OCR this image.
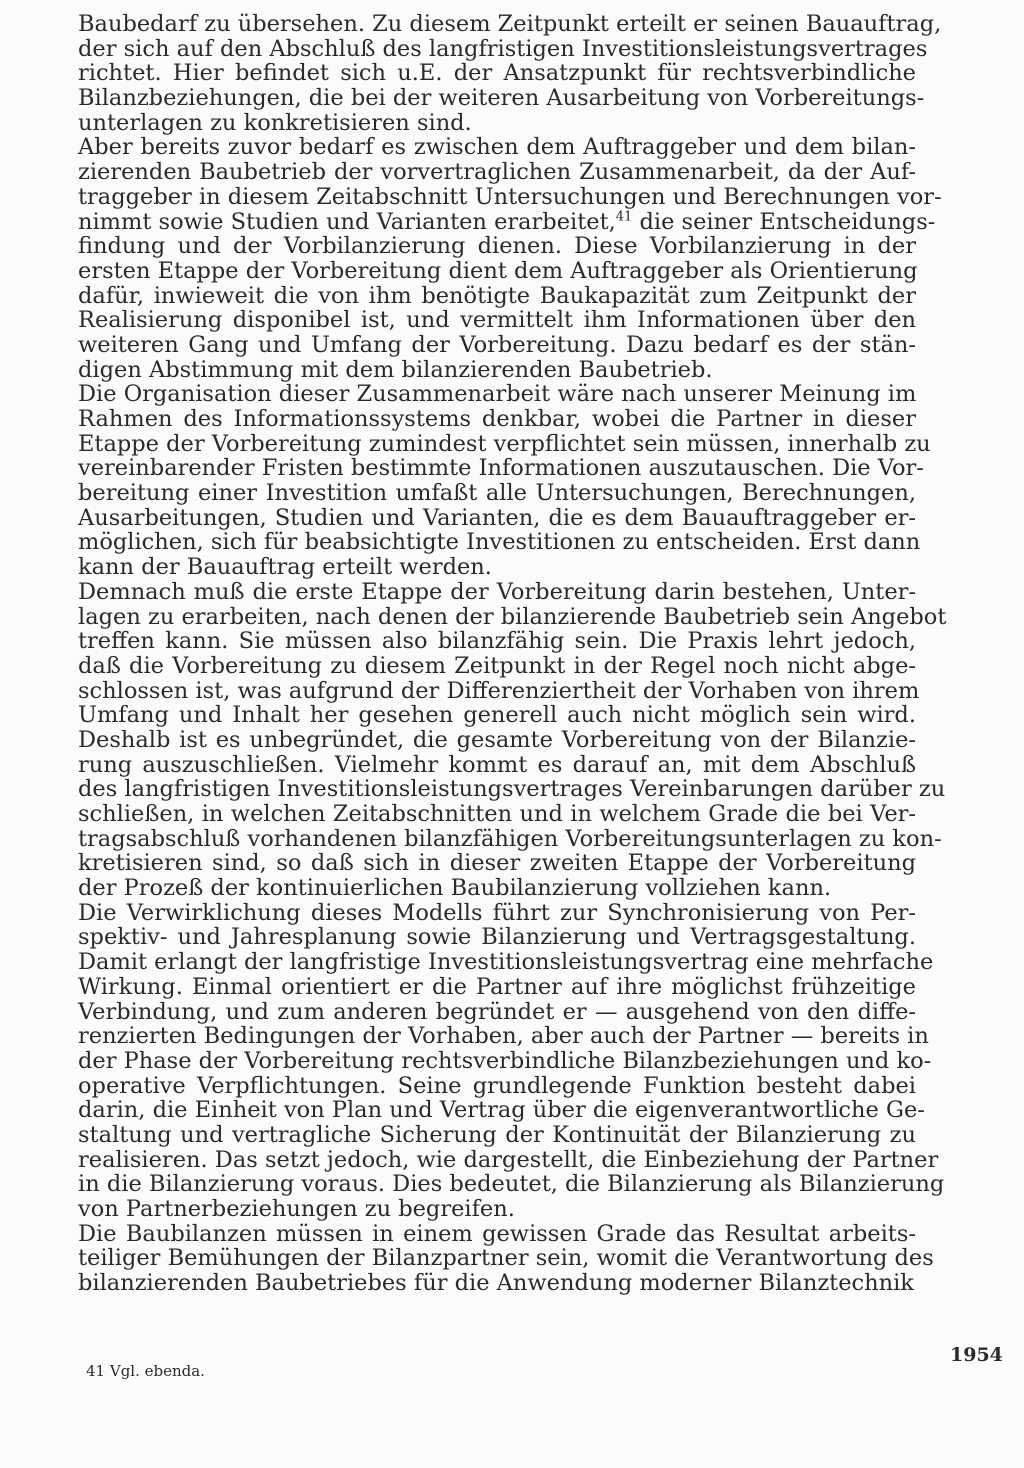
Baubedarf zu übersehen. Zu diesem Zeitpunkt erteilt er seinen Bauauftrag,
der sich auf den Abschluß des langfristigen Investitionsleistungsvertrages
richtet. Hier befindet sich u.E. der Ansatzpunkt für rechtsverbindliche
Bilanzbeziehungen, die bei der weiteren Ausarbeitung von Vorbereitungs-
unterlagen zu konkretisieren sind.
Aber bereits zuvor bedarf es zwischen dem Auftraggeber und dem bilan-
zierenden Baubetrieb der vorvertraglichen Zusammenarbeit, da der Auf-
traggeber in diesem Zeitabschnitt Untersuchungen und Berechnungen vor-
nimmt sowie Studien und Varianten erarbeitet,$^{41}$ die seiner Entscheidungs-
findung und der Vorbilanzierung dienen. Diese Vorbilanzierung in der
ersten Etappe der Vorbereitung dient dem Auftraggeber als Orientierung
dafür, inwieweit die von ihm benötigte Baukapazität zum Zeitpunkt der
Realisierung disponibel ist, und vermittelt ihm Informationen über den
weiteren Gang und Umfang der Vorbereitung. Dazu bedarf es der stän-
digen Abstimmung mit dem bilanzierenden Baubetrieb.
Die Organisation dieser Zusammenarbeit wäre nach unserer Meinung im
Rahmen des Informationssystems denkbar, wobei die Partner in dieser
Etappe der Vorbereitung zumindest verpflichtet sein müssen, innerhalb zu
vereinbarender Fristen bestimmte Informationen auszutauschen. Die Vor-
bereitung einer Investition umfaßt alle Untersuchungen, Berechnungen,
Ausarbeitungen, Studien und Varianten, die es dem Bauauftraggeber er-
möglichen, sich für beabsichtigte Investitionen zu entscheiden. Erst dann
kann der Bauauftrag erteilt werden.
Demnach muß die erste Etappe der Vorbereitung darin bestehen, Unter-
lagen zu erarbeiten, nach denen der bilanzierende Baubetrieb sein Angebot
treffen kann. Sie müssen also bilanzfähig sein. Die Praxis lehrt jedoch,
daß die Vorbereitung zu diesem Zeitpunkt in der Regel noch nicht abge-
schlossen ist, was aufgrund der Differenziertheit der Vorhaben von ihrem
Umfang und Inhalt her gesehen generell auch nicht möglich sein wird.
Deshalb ist es unbegründet, die gesamte Vorbereitung von der Bilanzie-
rung auszuschließen. Vielmehr kommt es darauf an, mit dem Abschluß
des langfristigen Investitionsleistungsvertrages Vereinbarungen darüber zu
schließen, in welchen Zeitabschnitten und in welchem Grade die bei Ver-
tragsabschluß vorhandenen bilanzfähigen Vorbereitungsunterlagen zu kon-
kretisieren sind, so daß sich in dieser zweiten Etappe der Vorbereitung
der Prozeß der kontinuierlichen Baubilanzierung vollziehen kann.
Die Verwirklichung dieses Modells führt zur Synchronisierung von Per-
spektiv- und Jahresplanung sowie Bilanzierung und Vertragsgestaltung.
Damit erlangt der langfristige Investitionsleistungsvertrag eine mehrfache
Wirkung. Einmal orientiert er die Partner auf ihre möglichst frühzeitige
Verbindung, und zum anderen begründet er — ausgehend von den diffe-
renzierten Bedingungen der Vorhaben, aber auch der Partner — bereits in
der Phase der Vorbereitung rechtsverbindliche Bilanzbeziehungen und ko-
operative Verpflichtungen. Seine grundlegende Funktion besteht dabei
darin, die Einheit von Plan und Vertrag über die eigenverantwortliche Ge-
staltung und vertragliche Sicherung der Kontinuität der Bilanzierung zu
realisieren. Das setzt jedoch, wie dargestellt, die Einbeziehung der Partner
in die Bilanzierung voraus. Dies bedeutet, die Bilanzierung als Bilanzierung
von Partnerbeziehungen zu begreifen.
Die Baubilanzen müssen in einem gewissen Grade das Resultat arbeits-
teiliger Bemühungen der Bilanzpartner sein, womit die Verantwortung des
bilanzierenden Baubetriebes für die Anwendung moderner Bilanztechnik
1954
41 Vgl. ebenda.
